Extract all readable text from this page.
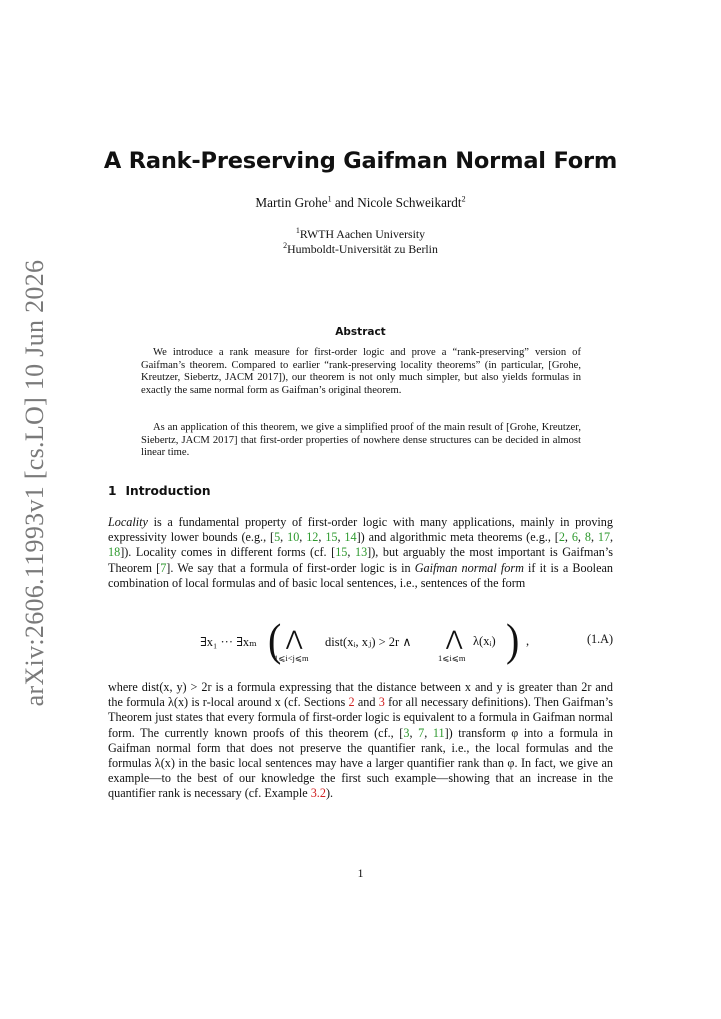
arXiv:2606.11993v1 [cs.LO] 10 Jun 2026
A Rank-Preserving Gaifman Normal Form
Martin Grohe$^1$ and Nicole Schweikardt$^2$
$^1$RWTH Aachen University
$^2$Humboldt-Universität zu Berlin
Abstract
We introduce a rank measure for first-order logic and prove a “rank-preserving” version of Gaifman’s theorem. Compared to earlier “rank-preserving locality theorems” (in particular, [Grohe, Kreutzer, Siebertz, JACM 2017]), our theorem is not only much simpler, but also yields formulas in exactly the same normal form as Gaifman’s original theorem.
As an application of this theorem, we give a simplified proof of the main result of [Grohe, Kreutzer, Siebertz, JACM 2017] that first-order properties of nowhere dense structures can be decided in almost linear time.
1 Introduction
Locality is a fundamental property of first-order logic with many applications, mainly in proving expressivity lower bounds (e.g., [5, 10, 12, 15, 14]) and algorithmic meta theorems (e.g., [2, 6, 8, 17, 18]). Locality comes in different forms (cf. [15, 13]), but arguably the most important is Gaifman’s Theorem [7]. We say that a formula of first-order logic is in Gaifman normal form if it is a Boolean combination of local formulas and of basic local sentences, i.e., sentences of the form
∃x₁ ··· ∃xₘ ( ⋀
1⩽i<j⩽m
dist(xᵢ, xⱼ) > 2r ∧ ⋀
1⩽i⩽m
λ(xᵢ) ) ,	(1.A)
where dist(x, y) > 2r is a formula expressing that the distance between x and y is greater than 2r and the formula λ(x) is r-local around x (cf. Sections 2 and 3 for all necessary definitions). Then Gaifman’s Theorem just states that every formula of first-order logic is equivalent to a formula in Gaifman normal form. The currently known proofs of this theorem (cf., [3, 7, 11]) transform φ into a formula in Gaifman normal form that does not preserve the quantifier rank, i.e., the local formulas and the formulas λ(x) in the basic local sentences may have a larger quantifier rank than φ. In fact, we give an example—to the best of our knowledge the first such example—showing that an increase in the quantifier rank is necessary (cf. Example 3.2).
1
